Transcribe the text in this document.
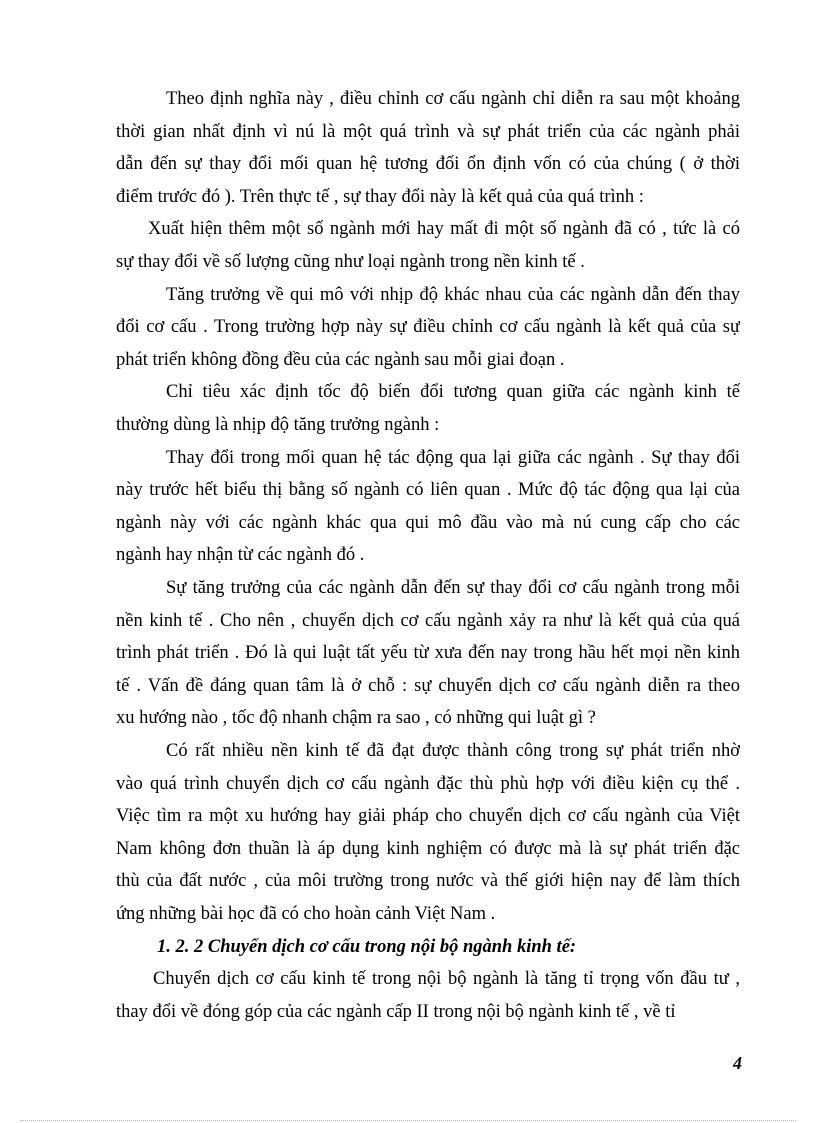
Theo định nghĩa này , điều chỉnh cơ cấu ngành chỉ diễn ra sau một khoảng
thời gian nhất định vì nú là một quá trình và sự phát triển của các ngành phải
dẫn đến sự thay đổi mối quan hệ tương đối ổn định vốn có của chúng ( ở thời
điểm trước đó ). Trên thực tế , sự thay đổi này là kết quả của quá trình :
Xuất hiện thêm một số ngành mới hay mất đi một số ngành đã có , tức là có
sự thay đổi về số lượng cũng như loại ngành trong nền kinh tế .
Tăng trưởng về qui mô với nhịp độ khác nhau của các ngành dẫn đến thay
đổi cơ cấu . Trong trường hợp này sự điều chỉnh cơ cấu ngành là kết quả của sự
phát triển không đồng đều của các ngành sau mỗi giai đoạn .
Chỉ tiêu xác định tốc độ biến đổi tương quan giữa các ngành kinh tế
thường dùng là nhịp độ tăng trưởng ngành :
Thay đổi trong mối quan hệ tác động qua lại giữa các ngành . Sự thay đổi
này trước hết biểu thị bằng số ngành có liên quan . Mức độ tác động qua lại của
ngành này với các ngành khác qua qui mô đầu vào mà nú cung cấp cho các
ngành hay nhận từ các ngành đó .
Sự tăng trưởng của các ngành dẫn đến sự thay đổi cơ cấu ngành trong mỗi
nền kinh tế . Cho nên , chuyển dịch cơ cấu ngành xảy ra như là kết quả của quá
trình phát triển . Đó là qui luật tất yếu từ xưa đến nay trong hầu hết mọi nền kinh
tế . Vấn đề đáng quan tâm là ở chỗ : sự chuyển dịch cơ cấu ngành diễn ra theo
xu hướng nào , tốc độ nhanh chậm ra sao , có những qui luật gì ?
Có rất nhiều nền kinh tế đã đạt được thành công trong sự phát triển nhờ
vào quá trình chuyển dịch cơ cấu ngành đặc thù phù hợp với điều kiện cụ thể .
Việc tìm ra một xu hướng hay giải pháp cho chuyển dịch cơ cấu ngành của Việt
Nam không đơn thuần là áp dụng kinh nghiệm có được mà là sự phát triển đặc
thù của đất nước , của môi trường trong nước và thế giới hiện nay để làm thích
ứng những bài học đã có cho hoàn cảnh Việt Nam .
1. 2. 2 Chuyển dịch cơ cấu trong nội bộ ngành kinh tế:
Chuyển dịch cơ cấu kinh tế trong nội bộ ngành là tăng tỉ trọng vốn đầu tư ,
thay đổi về đóng góp của các ngành cấp II trong nội bộ ngành kinh tế , về tỉ
4
